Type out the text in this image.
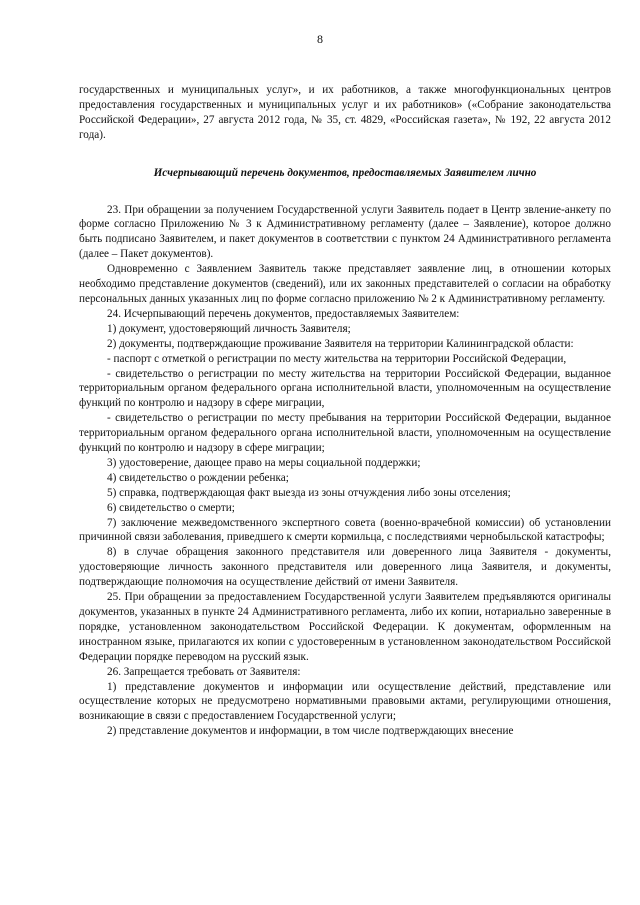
8

государственных и муниципальных услуг», и их работников, а также многофункциональных центров предоставления государственных и муниципальных услуг и их работников» («Собрание законодательства Российской Федерации», 27 августа 2012 года, № 35, ст. 4829, «Российская газета», № 192, 22 августа 2012 года).

Исчерпывающий перечень документов, предоставляемых Заявителем лично

23. При обращении за получением Государственной услуги Заявитель подает в Центр звление-анкету по форме согласно Приложению № 3 к Административному регламенту (далее – Заявление), которое должно быть подписано Заявителем, и пакет документов в соответствии с пунктом 24 Административного регламента (далее – Пакет документов).

Одновременно с Заявлением Заявитель также представляет заявление лиц, в отношении которых необходимо представление документов (сведений), или их законных представителей о согласии на обработку персональных данных указанных лиц по форме согласно приложению № 2 к Административному регламенту.

24. Исчерпывающий перечень документов, предоставляемых Заявителем:

1) документ, удостоверяющий личность Заявителя;

2) документы, подтверждающие проживание Заявителя на территории Калининградской области:

- паспорт с отметкой о регистрации по месту жительства на территории Российской Федерации,

- свидетельство о регистрации по месту жительства на территории Российской Федерации, выданное территориальным органом федерального органа исполнительной власти, уполномоченным на осуществление функций по контролю и надзору в сфере миграции,

- свидетельство о регистрации по месту пребывания на территории Российской Федерации, выданное территориальным органом федерального органа исполнительной власти, уполномоченным на осуществление функций по контролю и надзору в сфере миграции;

3) удостоверение, дающее право на меры социальной поддержки;

4) свидетельство о рождении ребенка;

5) справка, подтверждающая факт выезда из зоны отчуждения либо зоны отселения;

6) свидетельство о смерти;

7) заключение межведомственного экспертного совета (военно-врачебной комиссии) об установлении причинной связи заболевания, приведшего к смерти кормильца, с последствиями чернобыльской катастрофы;

8) в случае обращения законного представителя или доверенного лица Заявителя - документы, удостоверяющие личность законного представителя или доверенного лица Заявителя, и документы, подтверждающие полномочия на осуществление действий от имени Заявителя.

25. При обращении за предоставлением Государственной услуги Заявителем предъявляются оригиналы документов, указанных в пункте 24 Административного регламента, либо их копии, нотариально заверенные в порядке, установленном законодательством Российской Федерации. К документам, оформленным на иностранном языке, прилагаются их копии с удостоверенным в установленном законодательством Российской Федерации порядке переводом на русский язык.

26. Запрещается требовать от Заявителя:

1) представление документов и информации или осуществление действий, представление или осуществление которых не предусмотрено нормативными правовыми актами, регулирующими отношения, возникающие в связи с предоставлением Государственной услуги;

2) представление документов и информации, в том числе подтверждающих внесение
